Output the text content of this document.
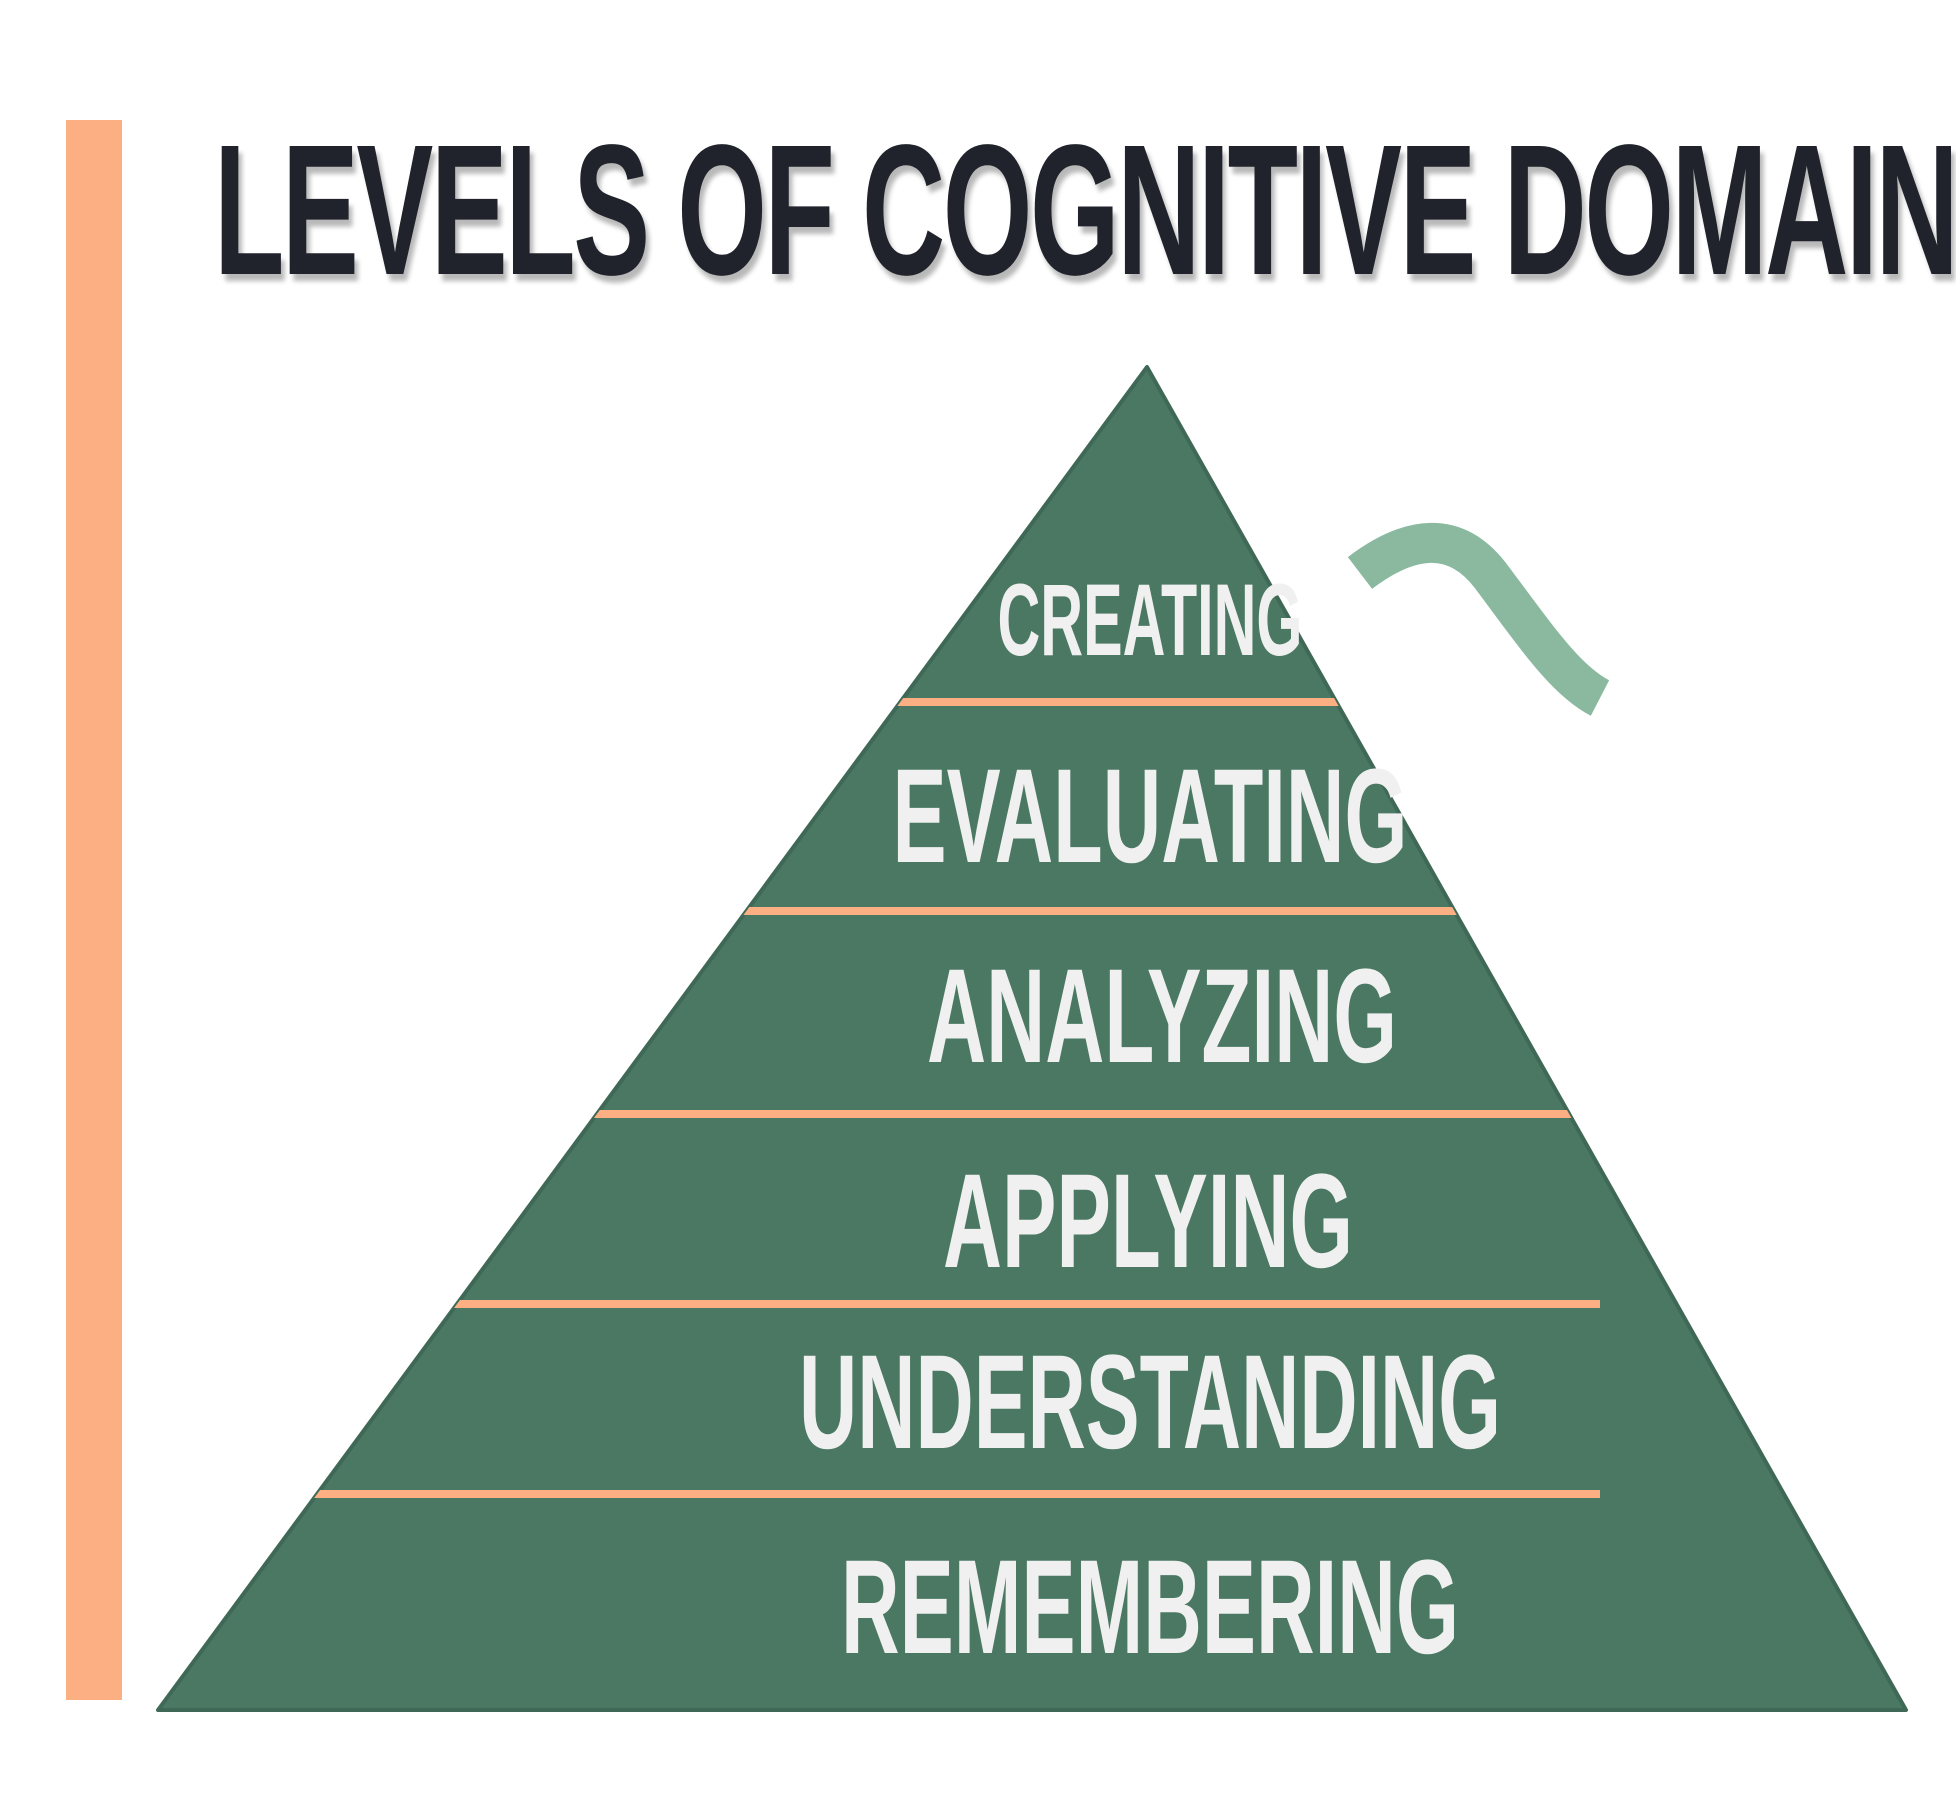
LEVELS OF COGNITIVE DOMAIN
CREATING
EVALUATING
ANALYZING
APPLYING
UNDERSTANDING
REMEMBERING
